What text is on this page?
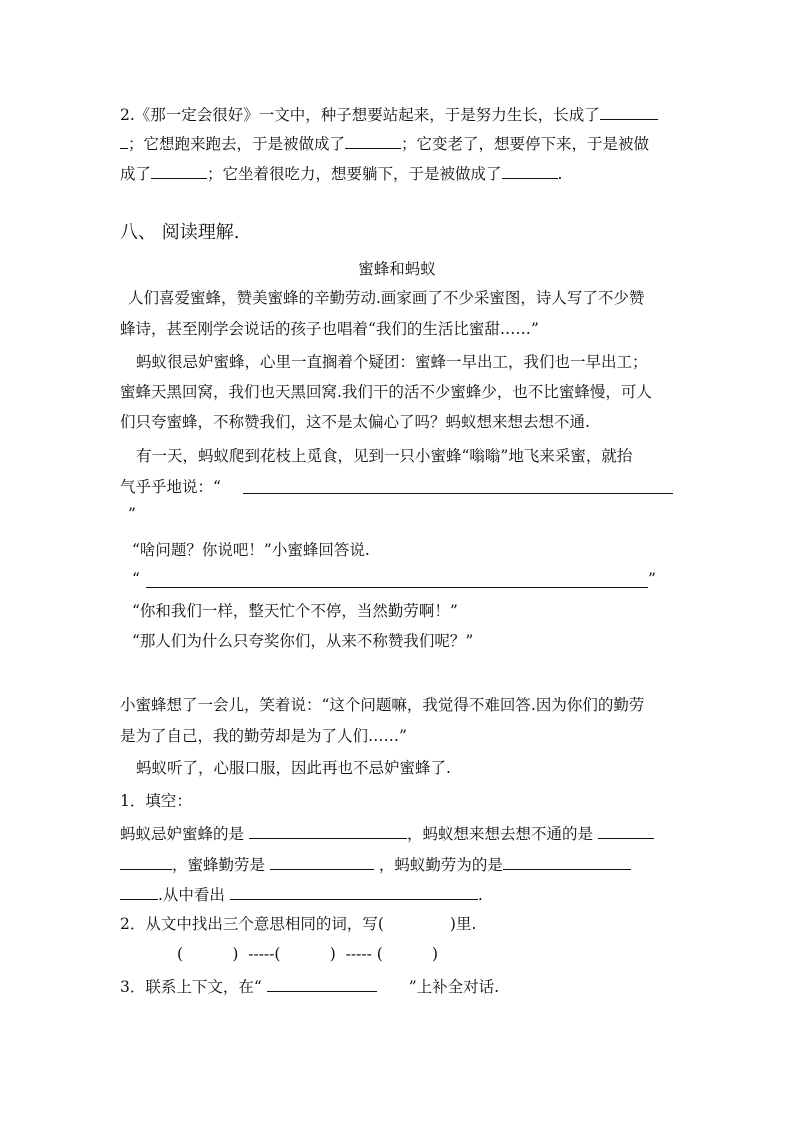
2.《那一定会很好》一文中，种子想要站起来，于是努力生长，长成了
；它想跑来跑去，于是被做成了	；它变老了，想要停下来，于是被做
成了	；它坐着很吃力，想要躺下，于是被做成了	.
八、 阅读理解.
蜜蜂和蚂蚁
人们喜爱蜜蜂，赞美蜜蜂的辛勤劳动.画家画了不少采蜜图，诗人写了不少赞
蜂诗，甚至刚学会说话的孩子也唱着“我们的生活比蜜甜……”
蚂蚁很忌妒蜜蜂，心里一直搁着个疑团：蜜蜂一早出工，我们也一早出工；
蜜蜂天黑回窝，我们也天黑回窝.我们干的活不少蜜蜂少，也不比蜜蜂慢，可人
们只夸蜜蜂，不称赞我们，这不是太偏心了吗？蚂蚁想来想去想不通.
有一天，蚂蚁爬到花枝上觅食，见到一只小蜜蜂“嗡嗡”地飞来采蜜，就抬
气乎乎地说：“
”
“啥问题？你说吧！”小蜜蜂回答说.
“	”
“你和我们一样，整天忙个不停，当然勤劳啊！”
“那人们为什么只夸奖你们，从来不称赞我们呢？”
小蜜蜂想了一会儿，笑着说：“这个问题嘛，我觉得不难回答.因为你们的勤劳
是为了自己，我的勤劳却是为了人们……”
蚂蚁听了，心服口服，因此再也不忌妒蜜蜂了.
1．填空：
蚂蚁忌妒蜜蜂的是	，蚂蚁想来想去想不通的是
，蜜蜂勤劳是	，蚂蚁勤劳为的是
.从中看出	.
2．从文中找出三个意思相同的词，写(	)里.
(          )  -----(          )  ----- (          )
3．联系上下文，在“	”上补全对话.
